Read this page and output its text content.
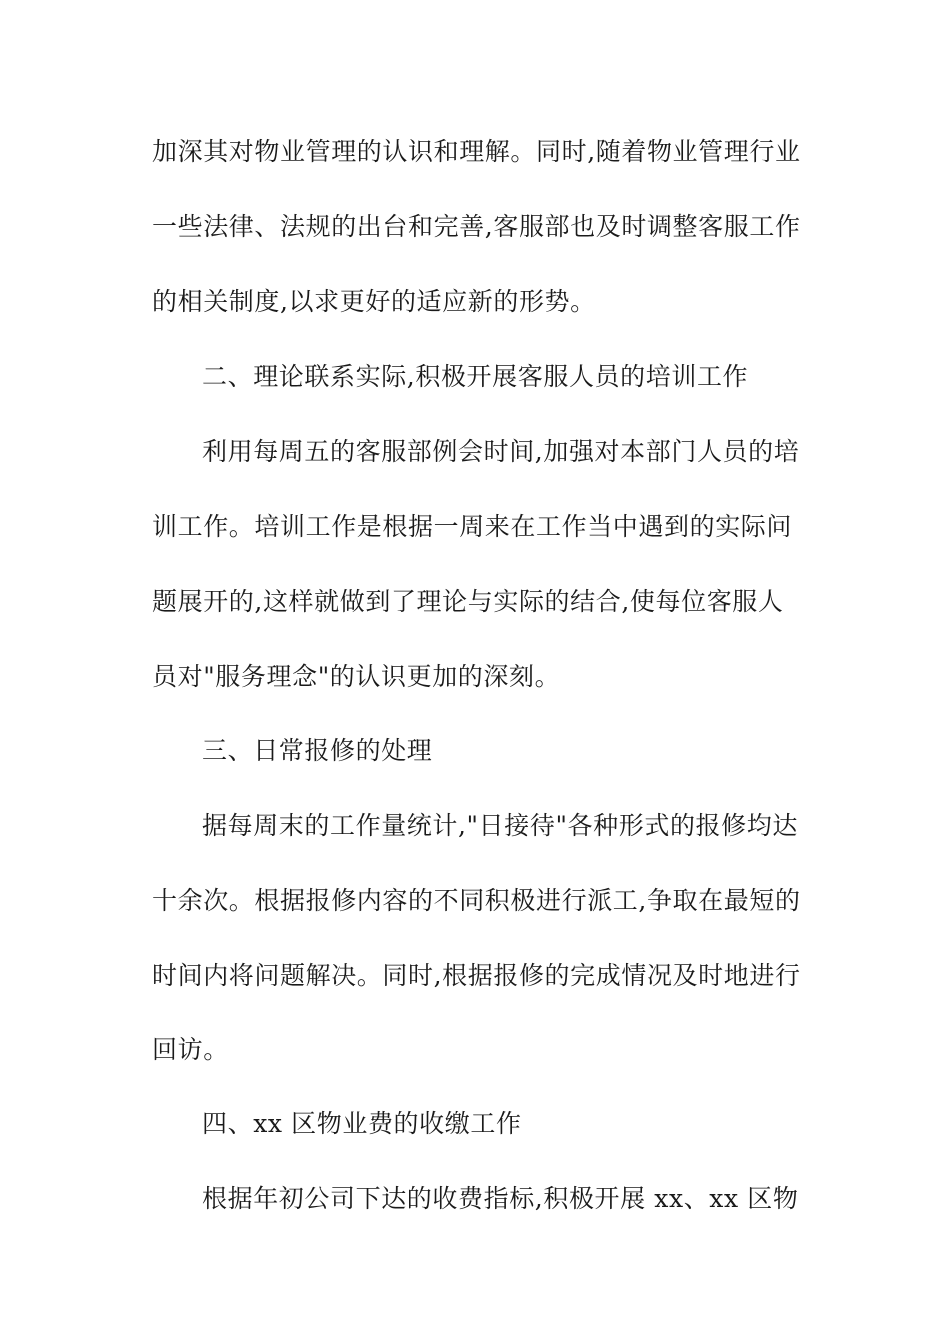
加深其对物业管理的认识和理解。同时,随着物业管理行业
一些法律、法规的出台和完善,客服部也及时调整客服工作
的相关制度,以求更好的适应新的形势。
二、理论联系实际,积极开展客服人员的培训工作
利用每周五的客服部例会时间,加强对本部门人员的培
训工作。培训工作是根据一周来在工作当中遇到的实际问
题展开的,这样就做到了理论与实际的结合,使每位客服人
员对"服务理念"的认识更加的深刻。
三、日常报修的处理
据每周末的工作量统计,"日接待"各种形式的报修均达
十余次。根据报修内容的不同积极进行派工,争取在最短的
时间内将问题解决。同时,根据报修的完成情况及时地进行
回访。
四、xx 区物业费的收缴工作
根据年初公司下达的收费指标,积极开展 xx、xx 区物
